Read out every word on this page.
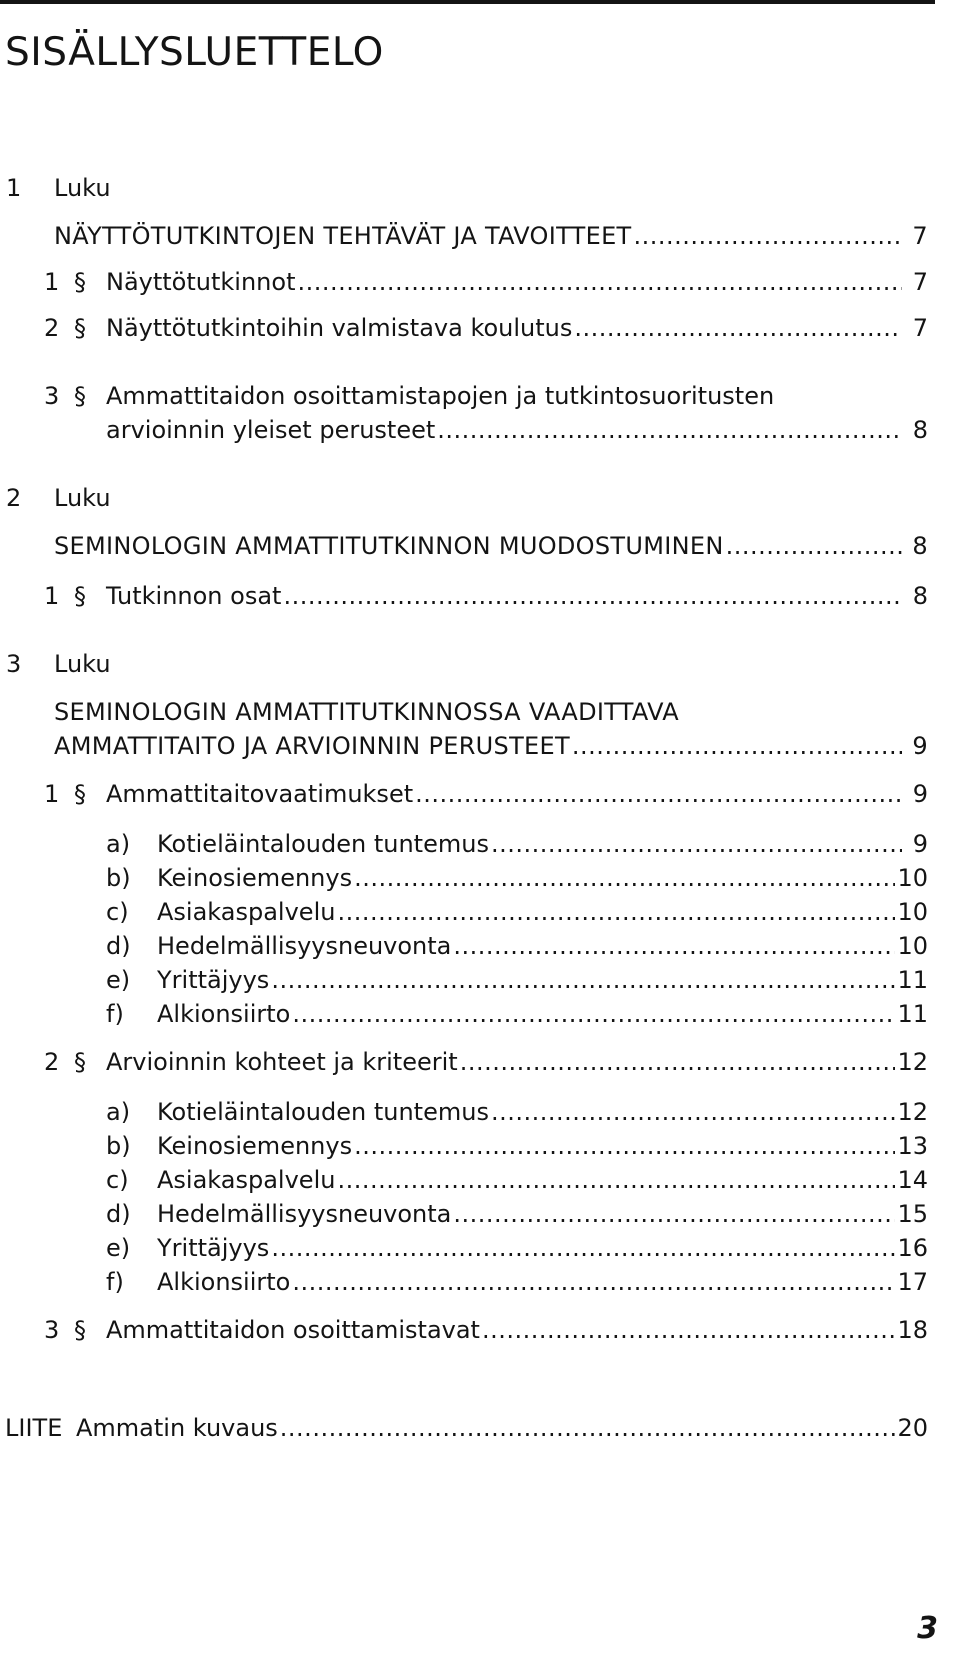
SISÄLLYSLUETTELO
1 Luku
NÄYTTÖTUTKINTOJEN TEHTÄVÄT JA TAVOITTEET .....	7
1 § Näyttötutkinnot .....	7
2 § Näyttötutkintoihin valmistava koulutus .....	7
3 § Ammattitaidon osoittamistapojen ja tutkintosuoritusten
arvioinnin yleiset perusteet .....	8
2 Luku
SEMINOLOGIN AMMATTITUTKINNON MUODOSTUMINEN .....	8
1 § Tutkinnon osat .....	8
3 Luku
SEMINOLOGIN AMMATTITUTKINNOSSA VAADITTAVA
AMMATTITAITO JA ARVIOINNIN PERUSTEET .....	9
1 § Ammattitaitovaatimukset .....	9
a) Kotieläintalouden tuntemus .....	9
b) Keinosiemennys .....	10
c) Asiakaspalvelu .....	10
d) Hedelmällisyysneuvonta .....	10
e) Yrittäjyys .....	11
f) Alkionsiirto .....	11
2 § Arvioinnin kohteet ja kriteerit .....	12
a) Kotieläintalouden tuntemus .....	12
b) Keinosiemennys .....	13
c) Asiakaspalvelu .....	14
d) Hedelmällisyysneuvonta .....	15
e) Yrittäjyys .....	16
f) Alkionsiirto .....	17
3 § Ammattitaidon osoittamistavat .....	18
LIITE Ammatin kuvaus .....	20
3
